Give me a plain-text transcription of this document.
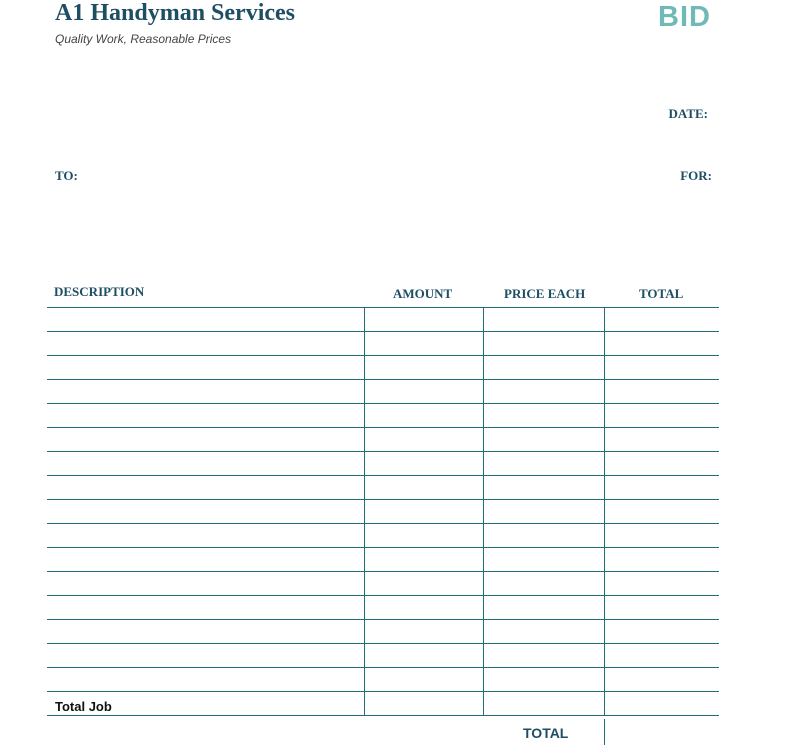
A1 Handyman Services
Quality Work, Reasonable Prices
BID
DATE:
TO:	FOR:
DESCRIPTION	AMOUNT	PRICE EACH	TOTAL

Total Job
TOTAL
